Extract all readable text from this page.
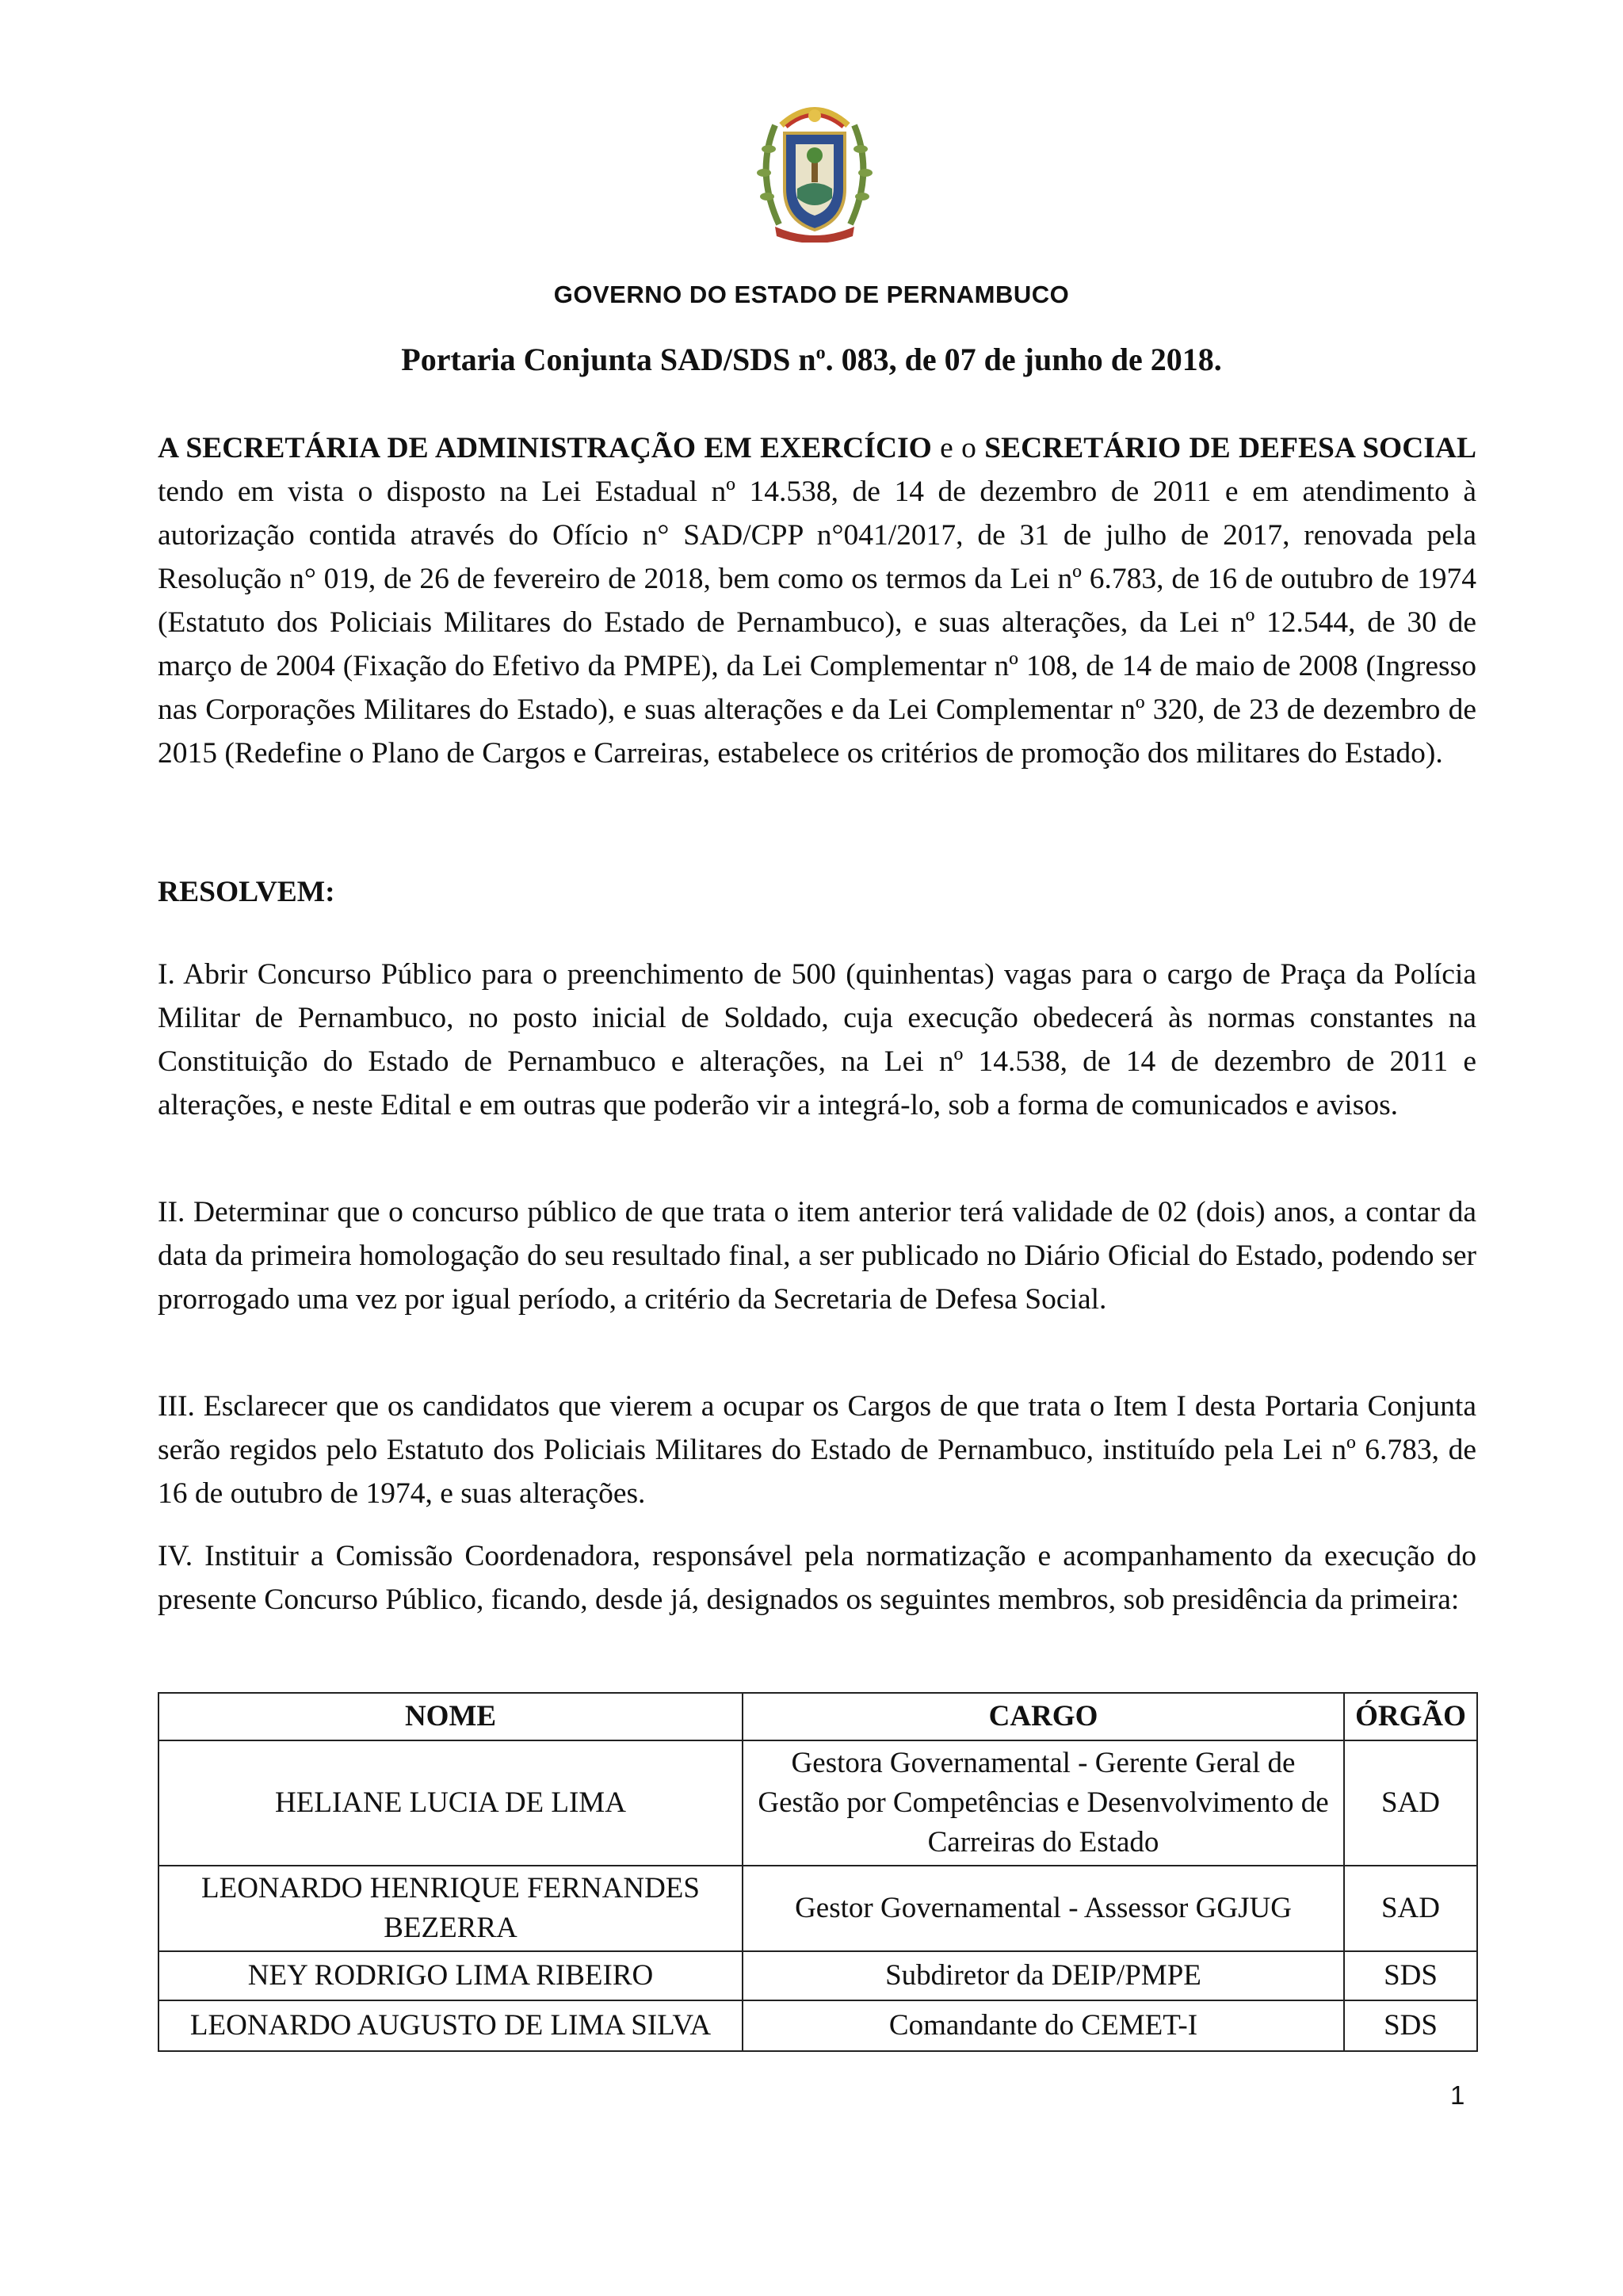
GOVERNO DO ESTADO DE PERNAMBUCO
Portaria Conjunta SAD/SDS $n^o$. 083, de 07 de junho de 2018.
A SECRETÁRIA DE ADMINISTRAÇÃO EM EXERCÍCIO e o SECRETÁRIO DE DEFESA SOCIAL tendo em vista o disposto na Lei Estadual nº 14.538, de 14 de dezembro de 2011 e em atendimento à autorização contida através do Ofício n° SAD/CPP n°041/2017, de 31 de julho de 2017, renovada pela Resolução n° 019, de 26 de fevereiro de 2018, bem como os termos da Lei nº 6.783, de 16 de outubro de 1974 (Estatuto dos Policiais Militares do Estado de Pernambuco), e suas alterações, da Lei nº 12.544, de 30 de março de 2004 (Fixação do Efetivo da PMPE), da Lei Complementar nº 108, de 14 de maio de 2008 (Ingresso nas Corporações Militares do Estado), e suas alterações e da Lei Complementar nº 320, de 23 de dezembro de 2015 (Redefine o Plano de Cargos e Carreiras, estabelece os critérios de promoção dos militares do Estado).
RESOLVEM:
I. Abrir Concurso Público para o preenchimento de 500 (quinhentas) vagas para o cargo de Praça da Polícia Militar de Pernambuco, no posto inicial de Soldado, cuja execução obedecerá às normas constantes na Constituição do Estado de Pernambuco e alterações, na Lei nº 14.538, de 14 de dezembro de 2011 e alterações, e neste Edital e em outras que poderão vir a integrá-lo, sob a forma de comunicados e avisos.
II. Determinar que o concurso público de que trata o item anterior terá validade de 02 (dois) anos, a contar da data da primeira homologação do seu resultado final, a ser publicado no Diário Oficial do Estado, podendo ser prorrogado uma vez por igual período, a critério da Secretaria de Defesa Social.
III. Esclarecer que os candidatos que vierem a ocupar os Cargos de que trata o Item I desta Portaria Conjunta serão regidos pelo Estatuto dos Policiais Militares do Estado de Pernambuco, instituído pela Lei nº 6.783, de 16 de outubro de 1974, e suas alterações.
IV. Instituir a Comissão Coordenadora, responsável pela normatização e acompanhamento da execução do presente Concurso Público, ficando, desde já, designados os seguintes membros, sob presidência da primeira:
NOME	CARGO	ÓRGÃO
HELIANE LUCIA DE LIMA	Gestora Governamental - Gerente Geral de Gestão por Competências e Desenvolvimento de Carreiras do Estado	SAD
LEONARDO HENRIQUE FERNANDES BEZERRA	Gestor Governamental - Assessor GGJUG	SAD
NEY RODRIGO LIMA RIBEIRO	Subdiretor da DEIP/PMPE	SDS
LEONARDO AUGUSTO DE LIMA SILVA	Comandante do CEMET-I	SDS
1
